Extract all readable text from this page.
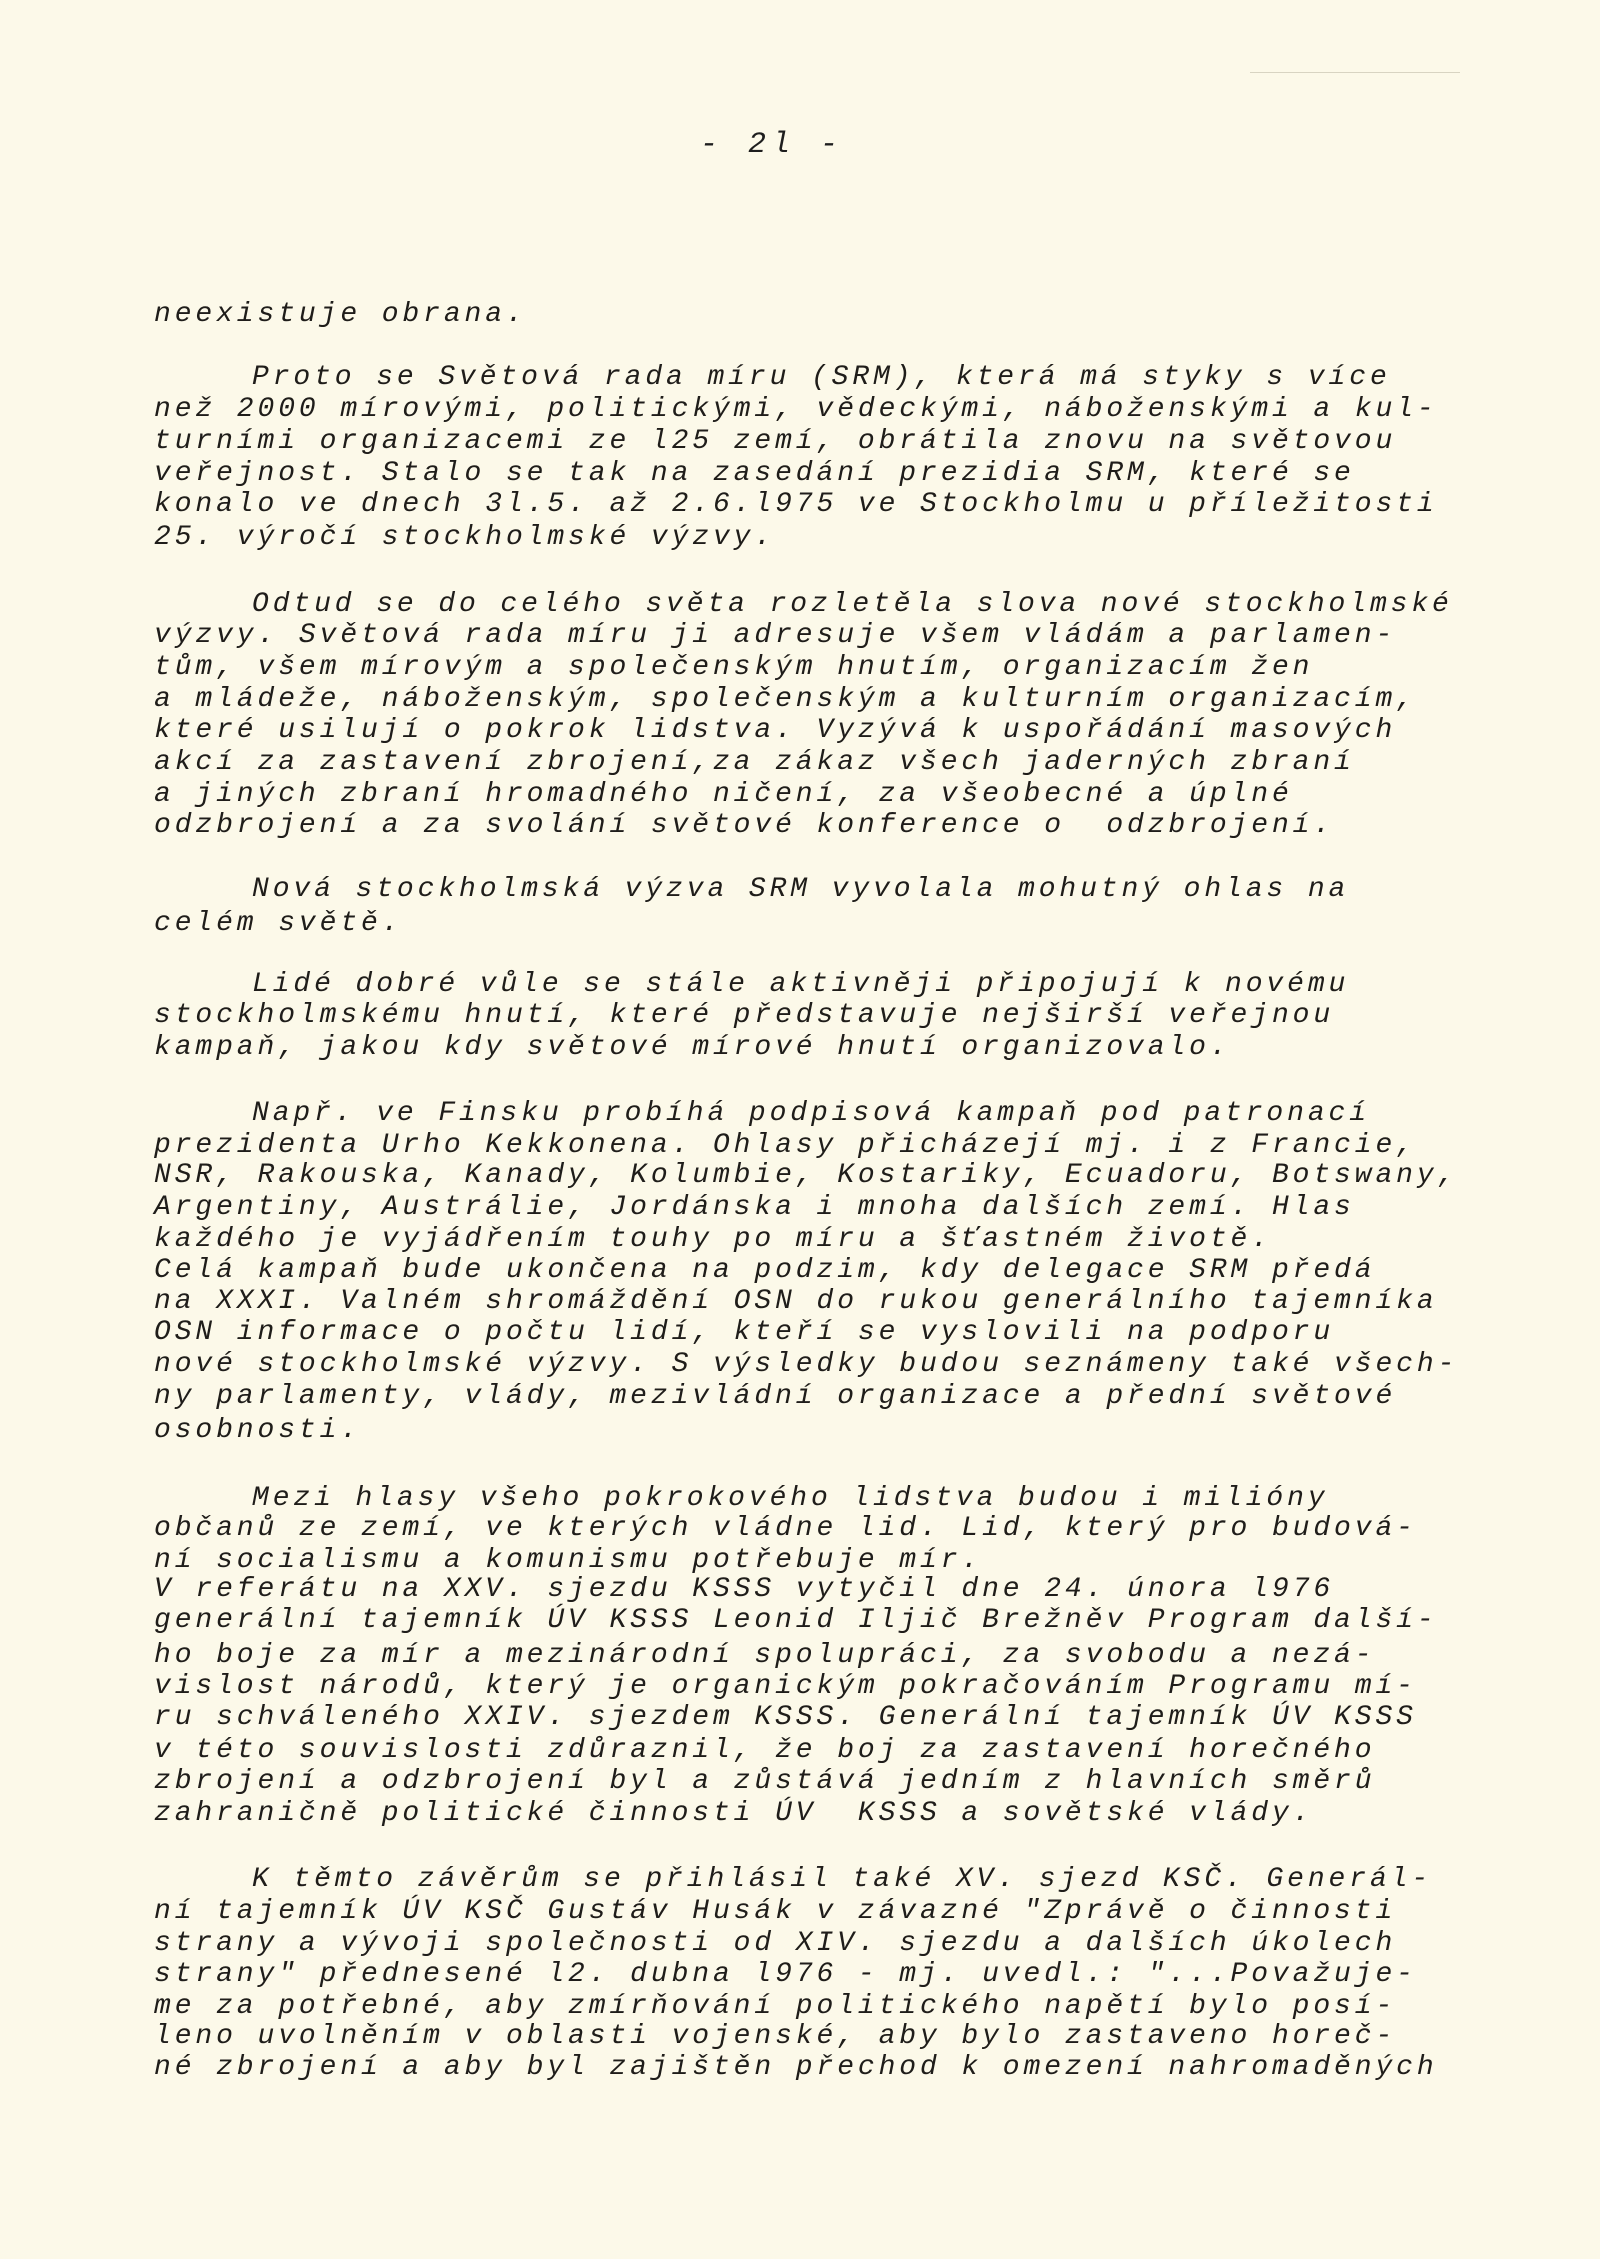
- 2l -
neexistuje obrana.
Proto se Světová rada míru (SRM), která má styky s více
než 2000 mírovými, politickými, vědeckými, náboženskými a kul-
turními organizacemi ze l25 zemí, obrátila znovu na světovou
veřejnost. Stalo se tak na zasedání prezidia SRM, které se
konalo ve dnech 3l.5. až 2.6.l975 ve Stockholmu u příležitosti
25. výročí stockholmské výzvy.
Odtud se do celého světa rozletěla slova nové stockholmské
výzvy. Světová rada míru ji adresuje všem vládám a parlamen-
tům, všem mírovým a společenským hnutím, organizacím žen
a mládeže, náboženským, společenským a kulturním organizacím,
které usilují o pokrok lidstva. Vyzývá k uspořádání masových
akcí za zastavení zbrojení,za zákaz všech jaderných zbraní
a jiných zbraní hromadného ničení, za všeobecné a úplné
odzbrojení a za svolání světové konference o  odzbrojení.
Nová stockholmská výzva SRM vyvolala mohutný ohlas na
celém světě.
Lidé dobré vůle se stále aktivněji připojují k novému
stockholmskému hnutí, které představuje nejširší veřejnou
kampaň, jakou kdy světové mírové hnutí organizovalo.
Např. ve Finsku probíhá podpisová kampaň pod patronací
prezidenta Urho Kekkonena. Ohlasy přicházejí mj. i z Francie,
NSR, Rakouska, Kanady, Kolumbie, Kostariky, Ecuadoru, Botswany,
Argentiny, Austrálie, Jordánska i mnoha dalších zemí. Hlas
každého je vyjádřením touhy po míru a šťastném životě.
Celá kampaň bude ukončena na podzim, kdy delegace SRM předá
na XXXI. Valném shromáždění OSN do rukou generálního tajemníka
OSN informace o počtu lidí, kteří se vyslovili na podporu
nové stockholmské výzvy. S výsledky budou seznámeny také všech-
ny parlamenty, vlády, mezivládní organizace a přední světové
osobnosti.
Mezi hlasy všeho pokrokového lidstva budou i milióny
občanů ze zemí, ve kterých vládne lid. Lid, který pro budová-
ní socialismu a komunismu potřebuje mír.
V referátu na XXV. sjezdu KSSS vytyčil dne 24. února l976
generální tajemník ÚV KSSS Leonid Iljič Brežněv Program další-
ho boje za mír a mezinárodní spolupráci, za svobodu a nezá-
vislost národů, který je organickým pokračováním Programu mí-
ru schváleného XXIV. sjezdem KSSS. Generální tajemník ÚV KSSS
v této souvislosti zdůraznil, že boj za zastavení horečného
zbrojení a odzbrojení byl a zůstává jedním z hlavních směrů
zahraničně politické činnosti ÚV  KSSS a sovětské vlády.
K těmto závěrům se přihlásil také XV. sjezd KSČ. Generál-
ní tajemník ÚV KSČ Gustáv Husák v závazné "Zprávě o činnosti
strany a vývoji společnosti od XIV. sjezdu a dalších úkolech
strany" přednesené l2. dubna l976 - mj. uvedl.: "...Považuje-
me za potřebné, aby zmírňování politického napětí bylo posí-
leno uvolněním v oblasti vojenské, aby bylo zastaveno horeč-
né zbrojení a aby byl zajištěn přechod k omezení nahromaděných
